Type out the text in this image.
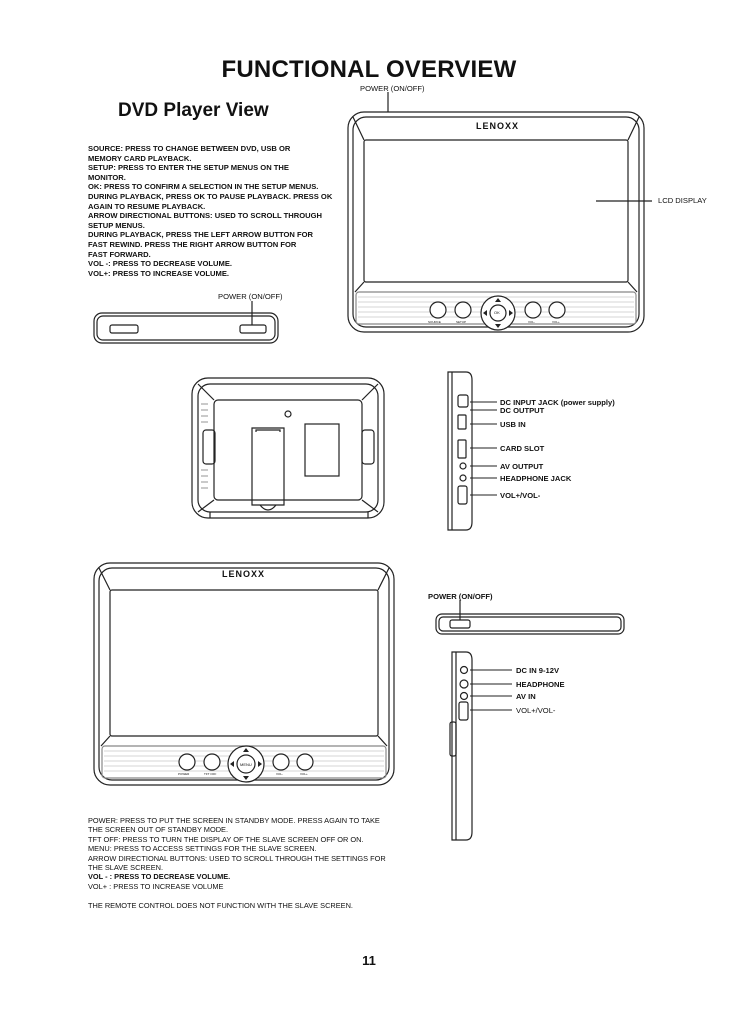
FUNCTIONAL OVERVIEW
DVD Player View
SOURCE: PRESS TO CHANGE BETWEEN DVD, USB OR
MEMORY CARD PLAYBACK.
SETUP: PRESS TO ENTER THE SETUP MENUS ON THE
MONITOR.
OK: PRESS TO CONFIRM A SELECTION IN THE SETUP MENUS.
DURING PLAYBACK, PRESS OK TO PAUSE PLAYBACK. PRESS OK
AGAIN TO RESUME PLAYBACK.
ARROW DIRECTIONAL BUTTONS: USED TO SCROLL THROUGH
SETUP MENUS.
DURING PLAYBACK, PRESS THE LEFT ARROW BUTTON FOR
FAST REWIND. PRESS THE RIGHT ARROW BUTTON FOR
FAST FORWARD.
VOL -: PRESS TO DECREASE VOLUME.
VOL+: PRESS TO INCREASE VOLUME.
POWER (ON/OFF)
POWER (ON/OFF)
LCD DISPLAY
POWER (ON/OFF)
LENOXX
LENOXX
SOURCE	SETUP
OK
VOL-	VOL+
POWER	TFT OFF
MENU
VOL-	VOL+
DC INPUT JACK (power supply)
DC OUTPUT
USB IN
CARD SLOT
AV OUTPUT
HEADPHONE JACK
VOL+/VOL-
DC IN 9-12V
HEADPHONE
AV IN
VOL+/VOL-
POWER: PRESS TO PUT THE SCREEN IN STANDBY MODE. PRESS AGAIN TO TAKE
THE SCREEN OUT OF STANDBY MODE.
TFT OFF: PRESS TO TURN THE DISPLAY OF THE SLAVE SCREEN OFF OR ON.
MENU: PRESS TO ACCESS SETTINGS FOR THE SLAVE SCREEN.
ARROW DIRECTIONAL BUTTONS: USED TO SCROLL THROUGH THE SETTINGS FOR
THE SLAVE SCREEN.
VOL - : PRESS TO DECREASE VOLUME.
VOL+ : PRESS TO INCREASE VOLUME
THE REMOTE CONTROL DOES NOT FUNCTION WITH THE SLAVE SCREEN.
11
